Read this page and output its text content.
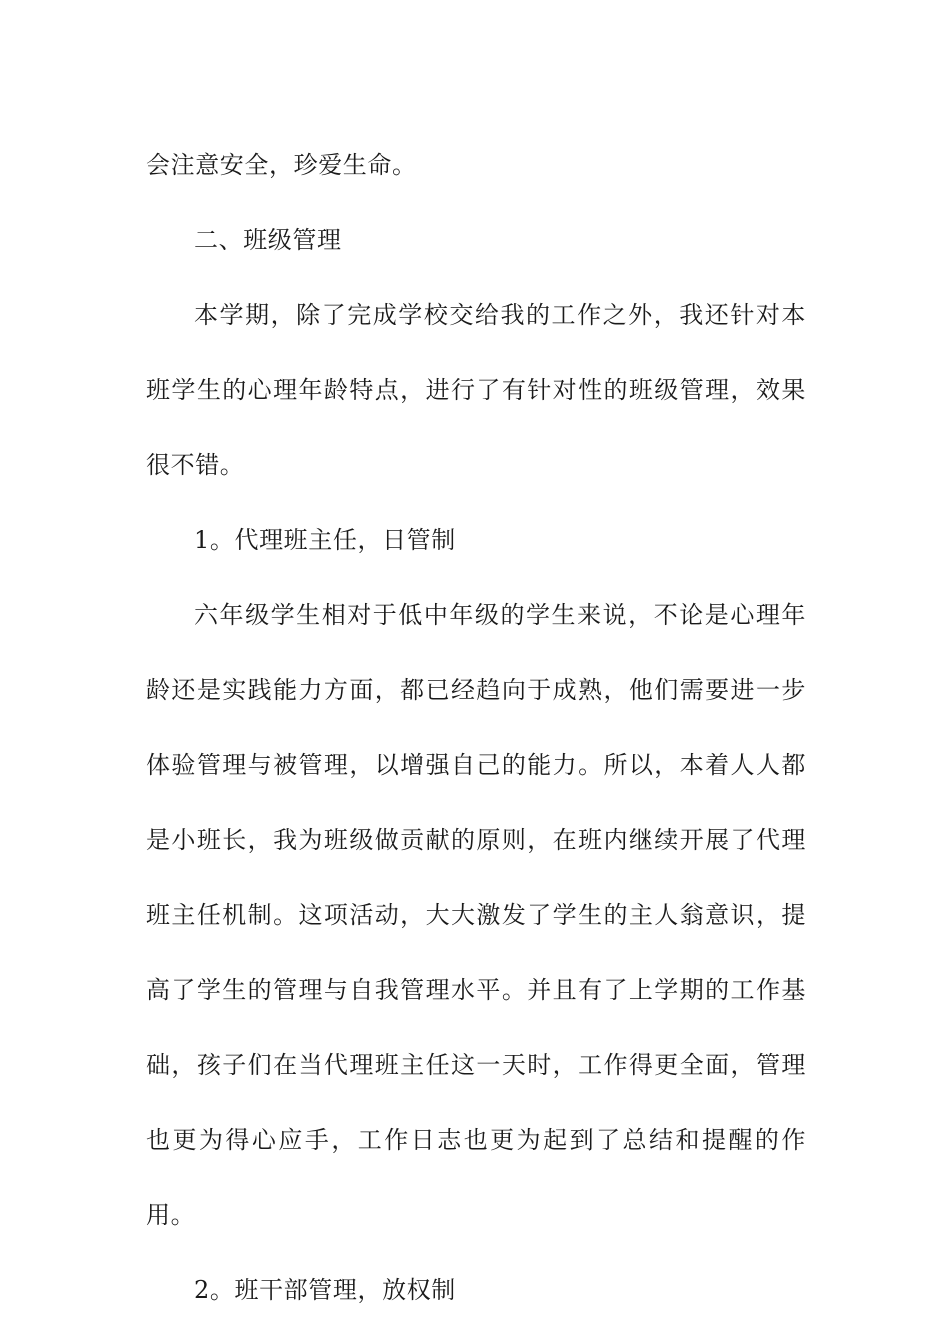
会注意安全，珍爱生命。

二、班级管理

本学期，除了完成学校交给我的工作之外，我还针对本班学生的心理年龄特点，进行了有针对性的班级管理，效果很不错。

1。代理班主任，日管制

六年级学生相对于低中年级的学生来说，不论是心理年龄还是实践能力方面，都已经趋向于成熟，他们需要进一步体验管理与被管理，以增强自己的能力。所以，本着人人都是小班长，我为班级做贡献的原则，在班内继续开展了代理班主任机制。这项活动，大大激发了学生的主人翁意识，提高了学生的管理与自我管理水平。并且有了上学期的工作基础，孩子们在当代理班主任这一天时，工作得更全面，管理也更为得心应手，工作日志也更为起到了总结和提醒的作用。

2。班干部管理，放权制
